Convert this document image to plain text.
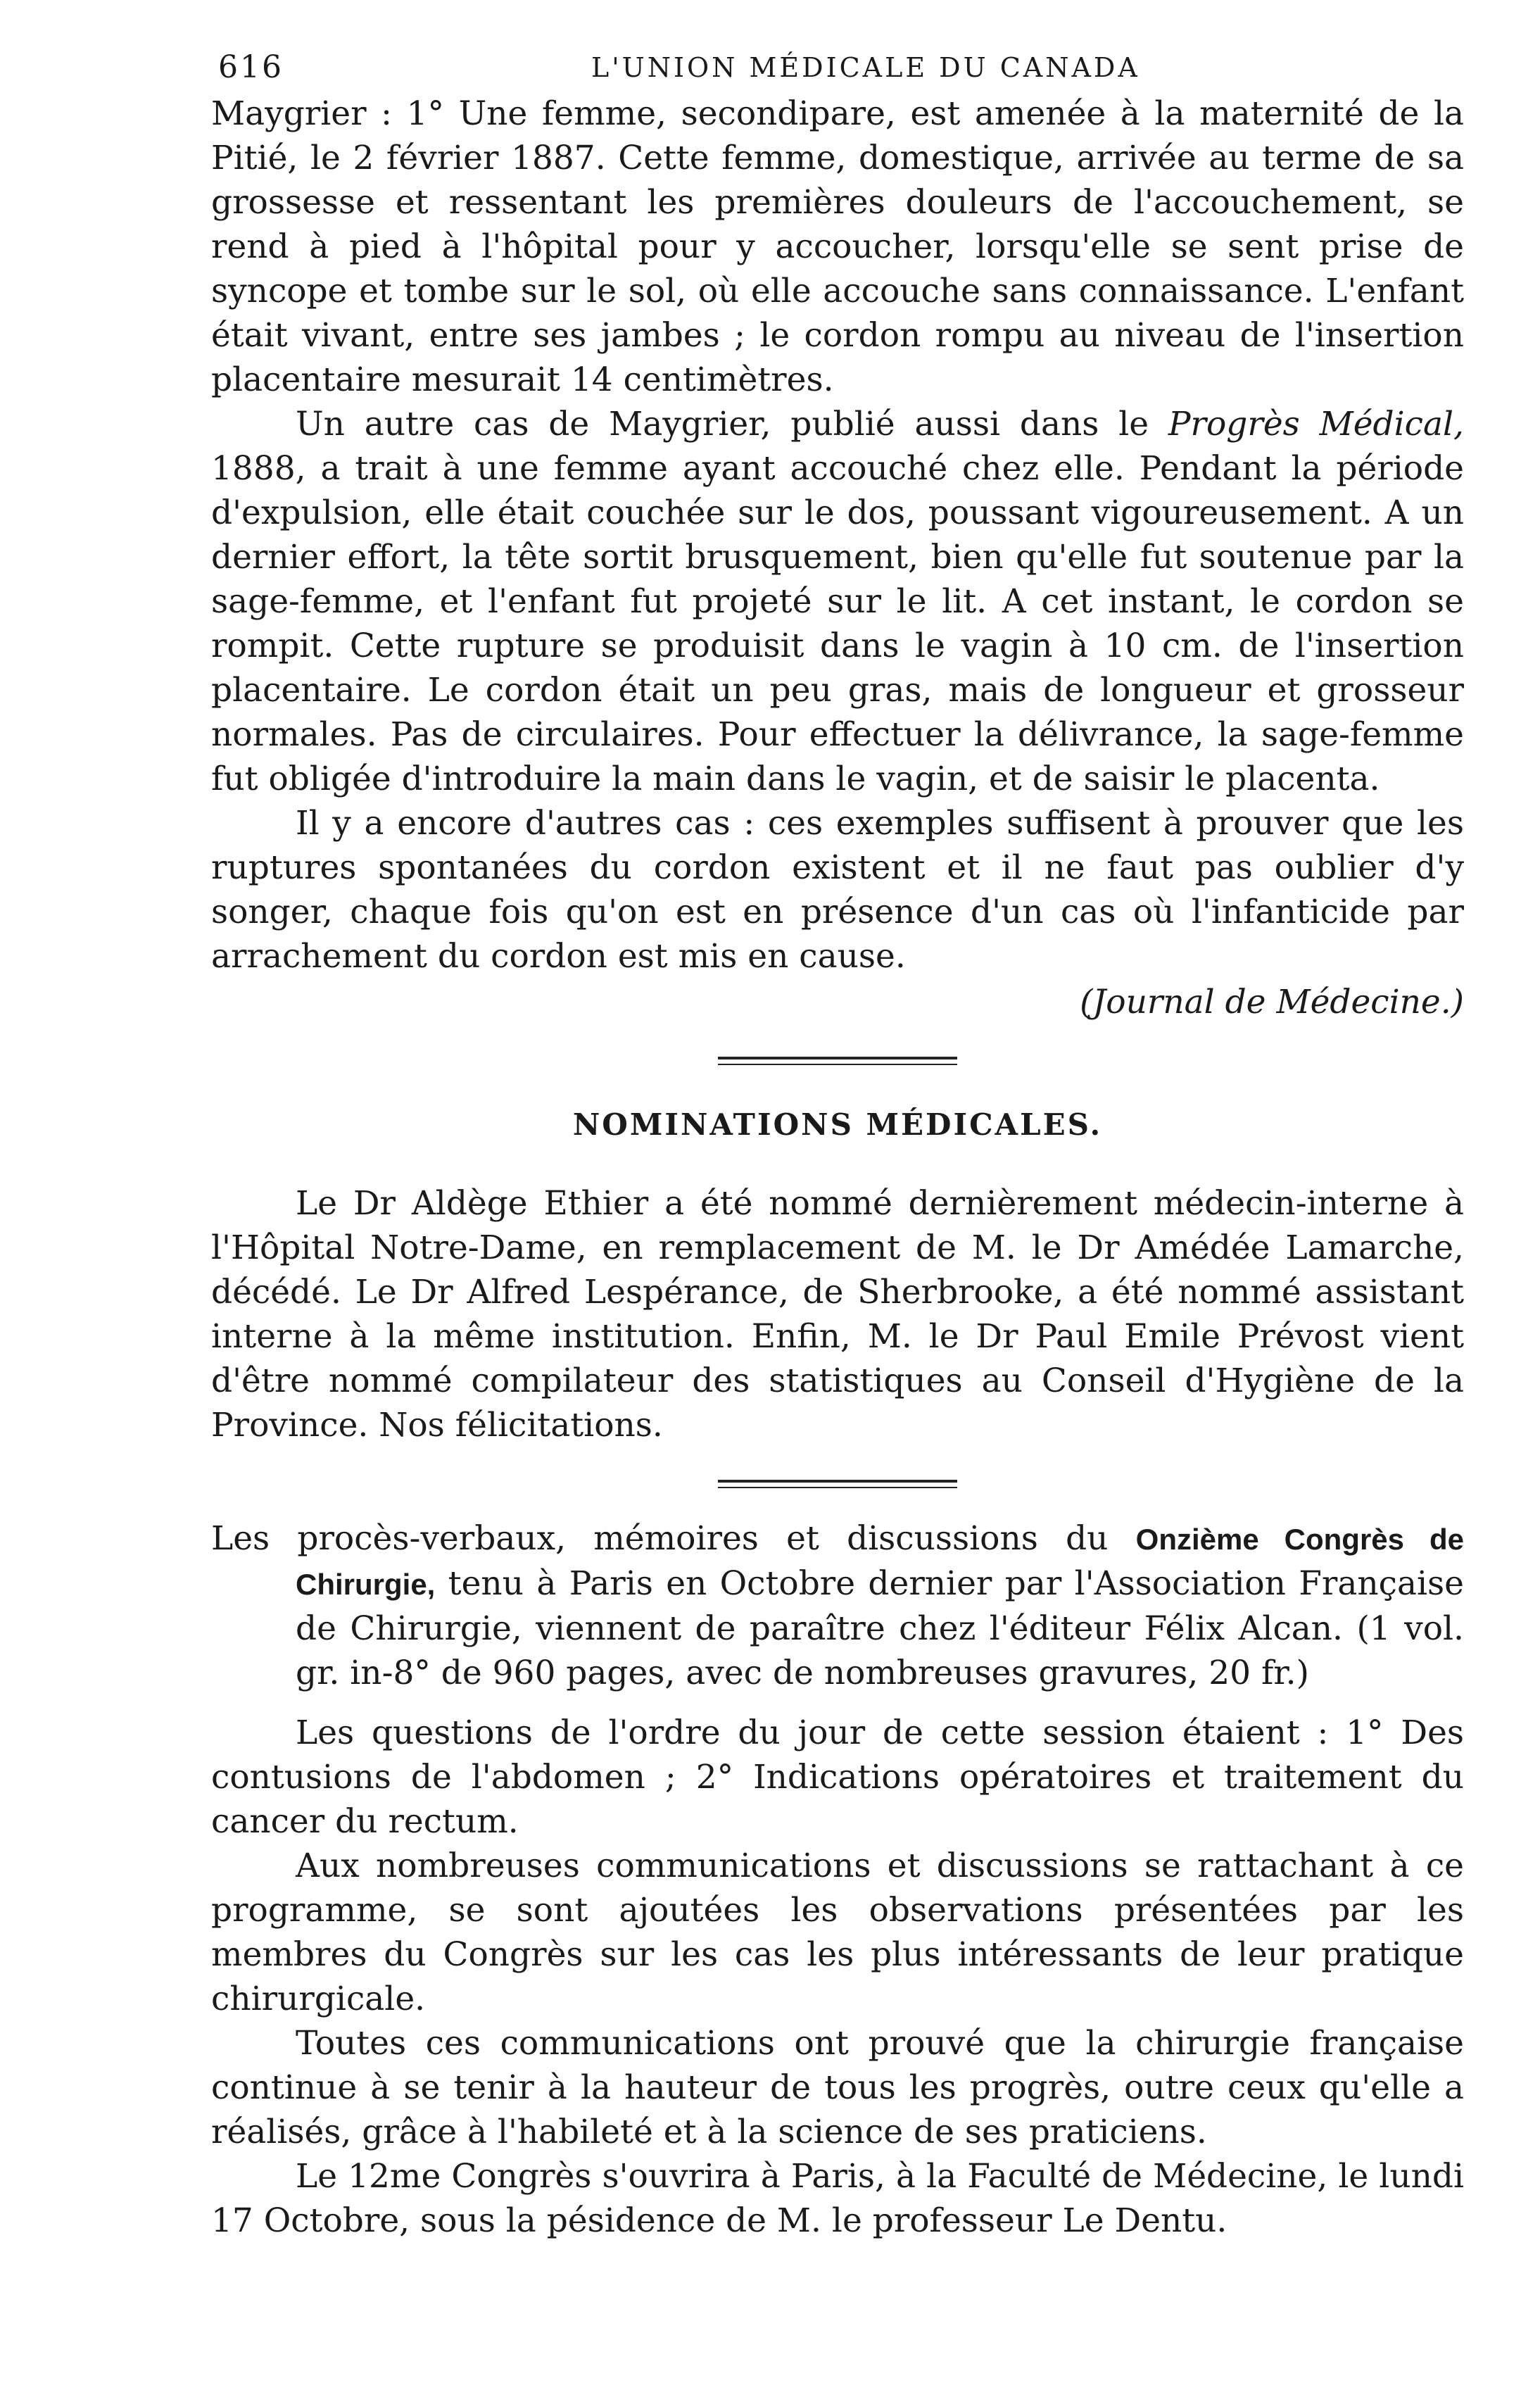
616	L'UNION MÉDICALE DU CANADA

Maygrier : 1° Une femme, secondipare, est amenée à la maternité de la Pitié, le 2 février 1887. Cette femme, domestique, arrivée au terme de sa grossesse et ressentant les premières douleurs de l'accouchement, se rend à pied à l'hôpital pour y accoucher, lorsqu'elle se sent prise de syncope et tombe sur le sol, où elle accouche sans connaissance. L'enfant était vivant, entre ses jambes ; le cordon rompu au niveau de l'insertion placentaire mesurait 14 centimètres.

Un autre cas de Maygrier, publié aussi dans le Progrès Médical, 1888, a trait à une femme ayant accouché chez elle. Pendant la période d'expulsion, elle était couchée sur le dos, poussant vigoureusement. A un dernier effort, la tête sortit brusquement, bien qu'elle fut soutenue par la sage-femme, et l'enfant fut projeté sur le lit. A cet instant, le cordon se rompit. Cette rupture se produisit dans le vagin à 10 cm. de l'insertion placentaire. Le cordon était un peu gras, mais de longueur et grosseur normales. Pas de circulaires. Pour effectuer la délivrance, la sage-femme fut obligée d'introduire la main dans le vagin, et de saisir le placenta.

Il y a encore d'autres cas : ces exemples suffisent à prouver que les ruptures spontanées du cordon existent et il ne faut pas oublier d'y songer, chaque fois qu'on est en présence d'un cas où l'infanticide par arrachement du cordon est mis en cause.

(Journal de Médecine.)

NOMINATIONS MÉDICALES.

Le Dr Aldège Ethier a été nommé dernièrement médecin-interne à l'Hôpital Notre-Dame, en remplacement de M. le Dr Amédée Lamarche, décédé. Le Dr Alfred Lespérance, de Sherbrooke, a été nommé assistant interne à la même institution. Enfin, M. le Dr Paul Emile Prévost vient d'être nommé compilateur des statistiques au Conseil d'Hygiène de la Province. Nos félicitations.

Les procès-verbaux, mémoires et discussions du Onzième Congrès de Chirurgie, tenu à Paris en Octobre dernier par l'Association Française de Chirurgie, viennent de paraître chez l'éditeur Félix Alcan. (1 vol. gr. in-8° de 960 pages, avec de nombreuses gravures, 20 fr.)

Les questions de l'ordre du jour de cette session étaient : 1° Des contusions de l'abdomen ; 2° Indications opératoires et traitement du cancer du rectum.

Aux nombreuses communications et discussions se rattachant à ce programme, se sont ajoutées les observations présentées par les membres du Congrès sur les cas les plus intéressants de leur pratique chirurgicale.

Toutes ces communications ont prouvé que la chirurgie française continue à se tenir à la hauteur de tous les progrès, outre ceux qu'elle a réalisés, grâce à l'habileté et à la science de ses praticiens.

Le 12me Congrès s'ouvrira à Paris, à la Faculté de Médecine, le lundi 17 Octobre, sous la pésidence de M. le professeur Le Dentu.
